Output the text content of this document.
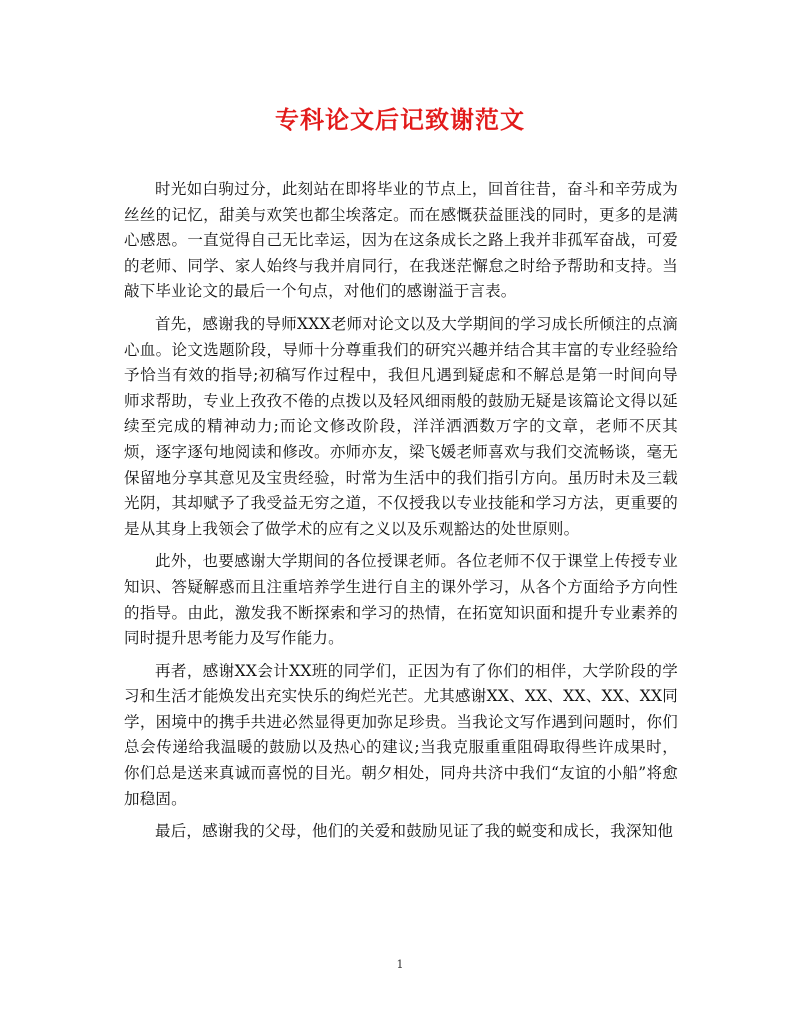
专科论文后记致谢范文

时光如白驹过分，此刻站在即将毕业的节点上，回首往昔，奋斗和辛劳成为丝丝的记忆，甜美与欢笑也都尘埃落定。而在感慨获益匪浅的同时，更多的是满心感恩。一直觉得自己无比幸运，因为在这条成长之路上我并非孤军奋战，可爱的老师、同学、家人始终与我并肩同行，在我迷茫懈怠之时给予帮助和支持。当敲下毕业论文的最后一个句点，对他们的感谢溢于言表。

首先，感谢我的导师XXX老师对论文以及大学期间的学习成长所倾注的点滴心血。论文选题阶段，导师十分尊重我们的研究兴趣并结合其丰富的专业经验给予恰当有效的指导;初稿写作过程中，我但凡遇到疑虑和不解总是第一时间向导师求帮助，专业上孜孜不倦的点拨以及轻风细雨般的鼓励无疑是该篇论文得以延续至完成的精神动力;而论文修改阶段，洋洋洒洒数万字的文章，老师不厌其烦，逐字逐句地阅读和修改。亦师亦友，梁飞媛老师喜欢与我们交流畅谈，毫无保留地分享其意见及宝贵经验，时常为生活中的我们指引方向。虽历时未及三载光阴，其却赋予了我受益无穷之道，不仅授我以专业技能和学习方法，更重要的是从其身上我领会了做学术的应有之义以及乐观豁达的处世原则。

此外，也要感谢大学期间的各位授课老师。各位老师不仅于课堂上传授专业知识、答疑解惑而且注重培养学生进行自主的课外学习，从各个方面给予方向性的指导。由此，激发我不断探索和学习的热情，在拓宽知识面和提升专业素养的同时提升思考能力及写作能力。

再者，感谢XX会计XX班的同学们，正因为有了你们的相伴，大学阶段的学习和生活才能焕发出充实快乐的绚烂光芒。尤其感谢XX、XX、XX、XX、XX同学，困境中的携手共进必然显得更加弥足珍贵。当我论文写作遇到问题时，你们总会传递给我温暖的鼓励以及热心的建议;当我克服重重阻碍取得些许成果时，你们总是送来真诚而喜悦的目光。朝夕相处，同舟共济中我们“友谊的小船”将愈加稳固。

最后，感谢我的父母，他们的关爱和鼓励见证了我的蜕变和成长，我深知他

1
